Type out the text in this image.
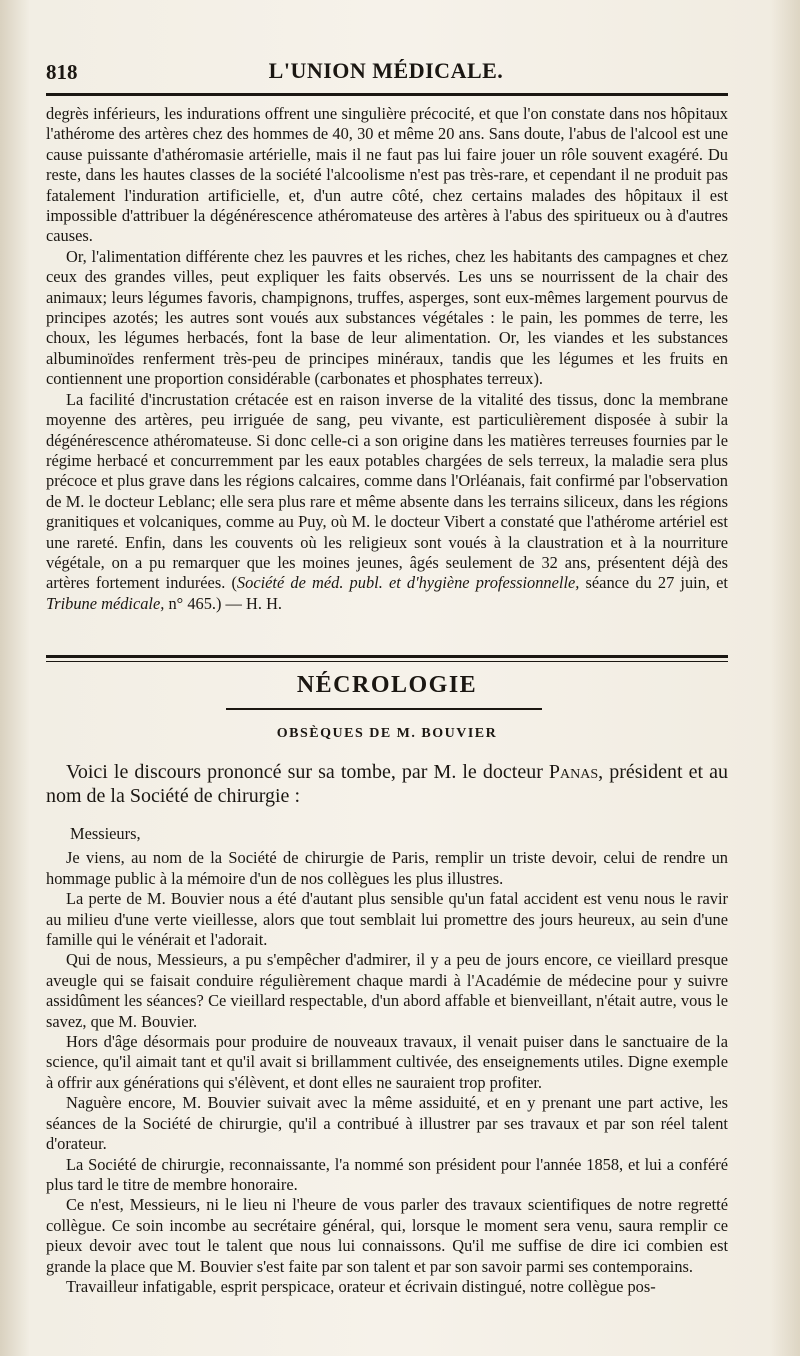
818	L'UNION MÉDICALE.

degrès inférieurs, les indurations offrent une singulière précocité, et que l'on constate dans nos hôpitaux l'athérome des artères chez des hommes de 40, 30 et même 20 ans. Sans doute, l'abus de l'alcool est une cause puissante d'athéromasie artérielle, mais il ne faut pas lui faire jouer un rôle souvent exagéré. Du reste, dans les hautes classes de la société l'alcoolisme n'est pas très-rare, et cependant il ne produit pas fatalement l'induration artificielle, et, d'un autre côté, chez certains malades des hôpitaux il est impossible d'attribuer la dégénérescence athéromateuse des artères à l'abus des spiritueux ou à d'autres causes.

Or, l'alimentation différente chez les pauvres et les riches, chez les habitants des campagnes et chez ceux des grandes villes, peut expliquer les faits observés. Les uns se nourrissent de la chair des animaux; leurs légumes favoris, champignons, truffes, asperges, sont eux-mêmes largement pourvus de principes azotés; les autres sont voués aux substances végétales : le pain, les pommes de terre, les choux, les légumes herbacés, font la base de leur alimentation. Or, les viandes et les substances albuminoïdes renferment très-peu de principes minéraux, tandis que les légumes et les fruits en contiennent une proportion considérable (carbonates et phosphates terreux).

La facilité d'incrustation crétacée est en raison inverse de la vitalité des tissus, donc la membrane moyenne des artères, peu irriguée de sang, peu vivante, est particulièrement disposée à subir la dégénérescence athéromateuse. Si donc celle-ci a son origine dans les matières terreuses fournies par le régime herbacé et concurremment par les eaux potables chargées de sels terreux, la maladie sera plus précoce et plus grave dans les régions calcaires, comme dans l'Orléanais, fait confirmé par l'observation de M. le docteur Leblanc; elle sera plus rare et même absente dans les terrains siliceux, dans les régions granitiques et volcaniques, comme au Puy, où M. le docteur Vibert a constaté que l'athérome artériel est une rareté. Enfin, dans les couvents où les religieux sont voués à la claustration et à la nourriture végétale, on a pu remarquer que les moines jeunes, âgés seulement de 32 ans, présentent déjà des artères fortement indurées. (Société de méd. publ. et d'hygiène professionnelle, séance du 27 juin, et Tribune médicale, n° 465.) — H. H.

NÉCROLOGIE
OBSÈQUES DE M. BOUVIER

Voici le discours prononcé sur sa tombe, par M. le docteur Panas, président et au nom de la Société de chirurgie :

Messieurs,

Je viens, au nom de la Société de chirurgie de Paris, remplir un triste devoir, celui de rendre un hommage public à la mémoire d'un de nos collègues les plus illustres.

La perte de M. Bouvier nous a été d'autant plus sensible qu'un fatal accident est venu nous le ravir au milieu d'une verte vieillesse, alors que tout semblait lui promettre des jours heureux, au sein d'une famille qui le vénérait et l'adorait.

Qui de nous, Messieurs, a pu s'empêcher d'admirer, il y a peu de jours encore, ce vieillard presque aveugle qui se faisait conduire régulièrement chaque mardi à l'Académie de médecine pour y suivre assidûment les séances? Ce vieillard respectable, d'un abord affable et bienveillant, n'était autre, vous le savez, que M. Bouvier.

Hors d'âge désormais pour produire de nouveaux travaux, il venait puiser dans le sanctuaire de la science, qu'il aimait tant et qu'il avait si brillamment cultivée, des enseignements utiles. Digne exemple à offrir aux générations qui s'élèvent, et dont elles ne sauraient trop profiter.

Naguère encore, M. Bouvier suivait avec la même assiduité, et en y prenant une part active, les séances de la Société de chirurgie, qu'il a contribué à illustrer par ses travaux et par son réel talent d'orateur.

La Société de chirurgie, reconnaissante, l'a nommé son président pour l'année 1858, et lui a conféré plus tard le titre de membre honoraire.

Ce n'est, Messieurs, ni le lieu ni l'heure de vous parler des travaux scientifiques de notre regretté collègue. Ce soin incombe au secrétaire général, qui, lorsque le moment sera venu, saura remplir ce pieux devoir avec tout le talent que nous lui connaissons. Qu'il me suffise de dire ici combien est grande la place que M. Bouvier s'est faite par son talent et par son savoir parmi ses contemporains.

Travailleur infatigable, esprit perspicace, orateur et écrivain distingué, notre collègue pos-
